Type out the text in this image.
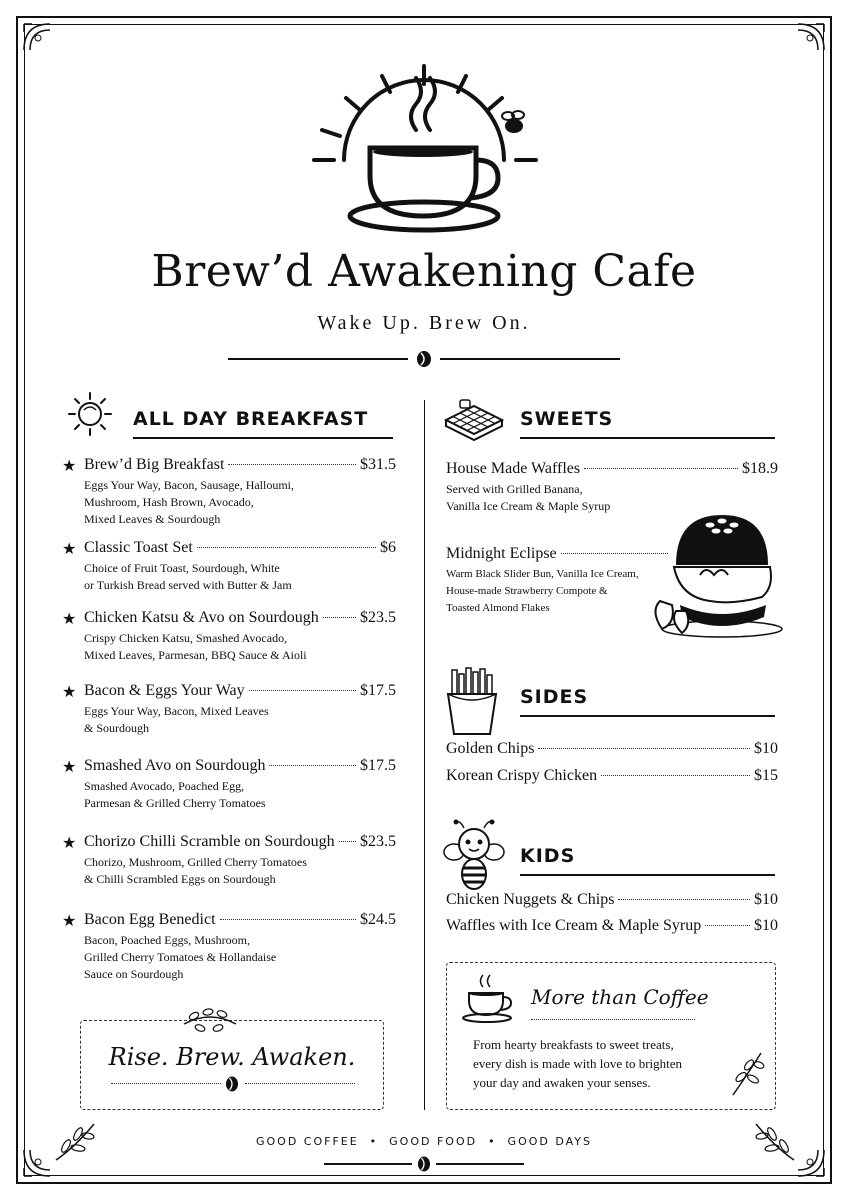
Brew’d Awakening Cafe
Wake Up. Brew On.
ALL DAY BREAKFAST
★ Brew’d Big Breakfast	$31.5
Eggs Your Way, Bacon, Sausage, Halloumi,
Mushroom, Hash Brown, Avocado,
Mixed Leaves & Sourdough
★ Classic Toast Set	$6
Choice of Fruit Toast, Sourdough, White
or Turkish Bread served with Butter & Jam
★ Chicken Katsu & Avo on Sourdough	$23.5
Crispy Chicken Katsu, Smashed Avocado,
Mixed Leaves, Parmesan, BBQ Sauce & Aioli
★ Bacon & Eggs Your Way	$17.5
Eggs Your Way, Bacon, Mixed Leaves
& Sourdough
★ Smashed Avo on Sourdough	$17.5
Smashed Avocado, Poached Egg,
Parmesan & Grilled Cherry Tomatoes
★ Chorizo Chilli Scramble on Sourdough $23.5
Chorizo, Mushroom, Grilled Cherry Tomatoes
& Chilli Scrambled Eggs on Sourdough
★ Bacon Egg Benedict	$24.5
Bacon, Poached Eggs, Mushroom,
Grilled Cherry Tomatoes & Hollandaise
Sauce on Sourdough
Rise. Brew. Awaken.
SWEETS
House Made Waffles	$18.9
Served with Grilled Banana,
Vanilla Ice Cream & Maple Syrup
Midnight Eclipse
Warm Black Slider Bun, Vanilla Ice Cream,
House-made Strawberry Compote &
Toasted Almond Flakes
SIDES
Golden Chips	$10
Korean Crispy Chicken	$15
KIDS
Chicken Nuggets & Chips	$10
Waffles with Ice Cream & Maple Syrup	$10
More than Coffee
From hearty breakfasts to sweet treats,
every dish is made with love to brighten
your day and awaken your senses.
GOOD COFFEE  •  GOOD FOOD  •  GOOD DAYS
